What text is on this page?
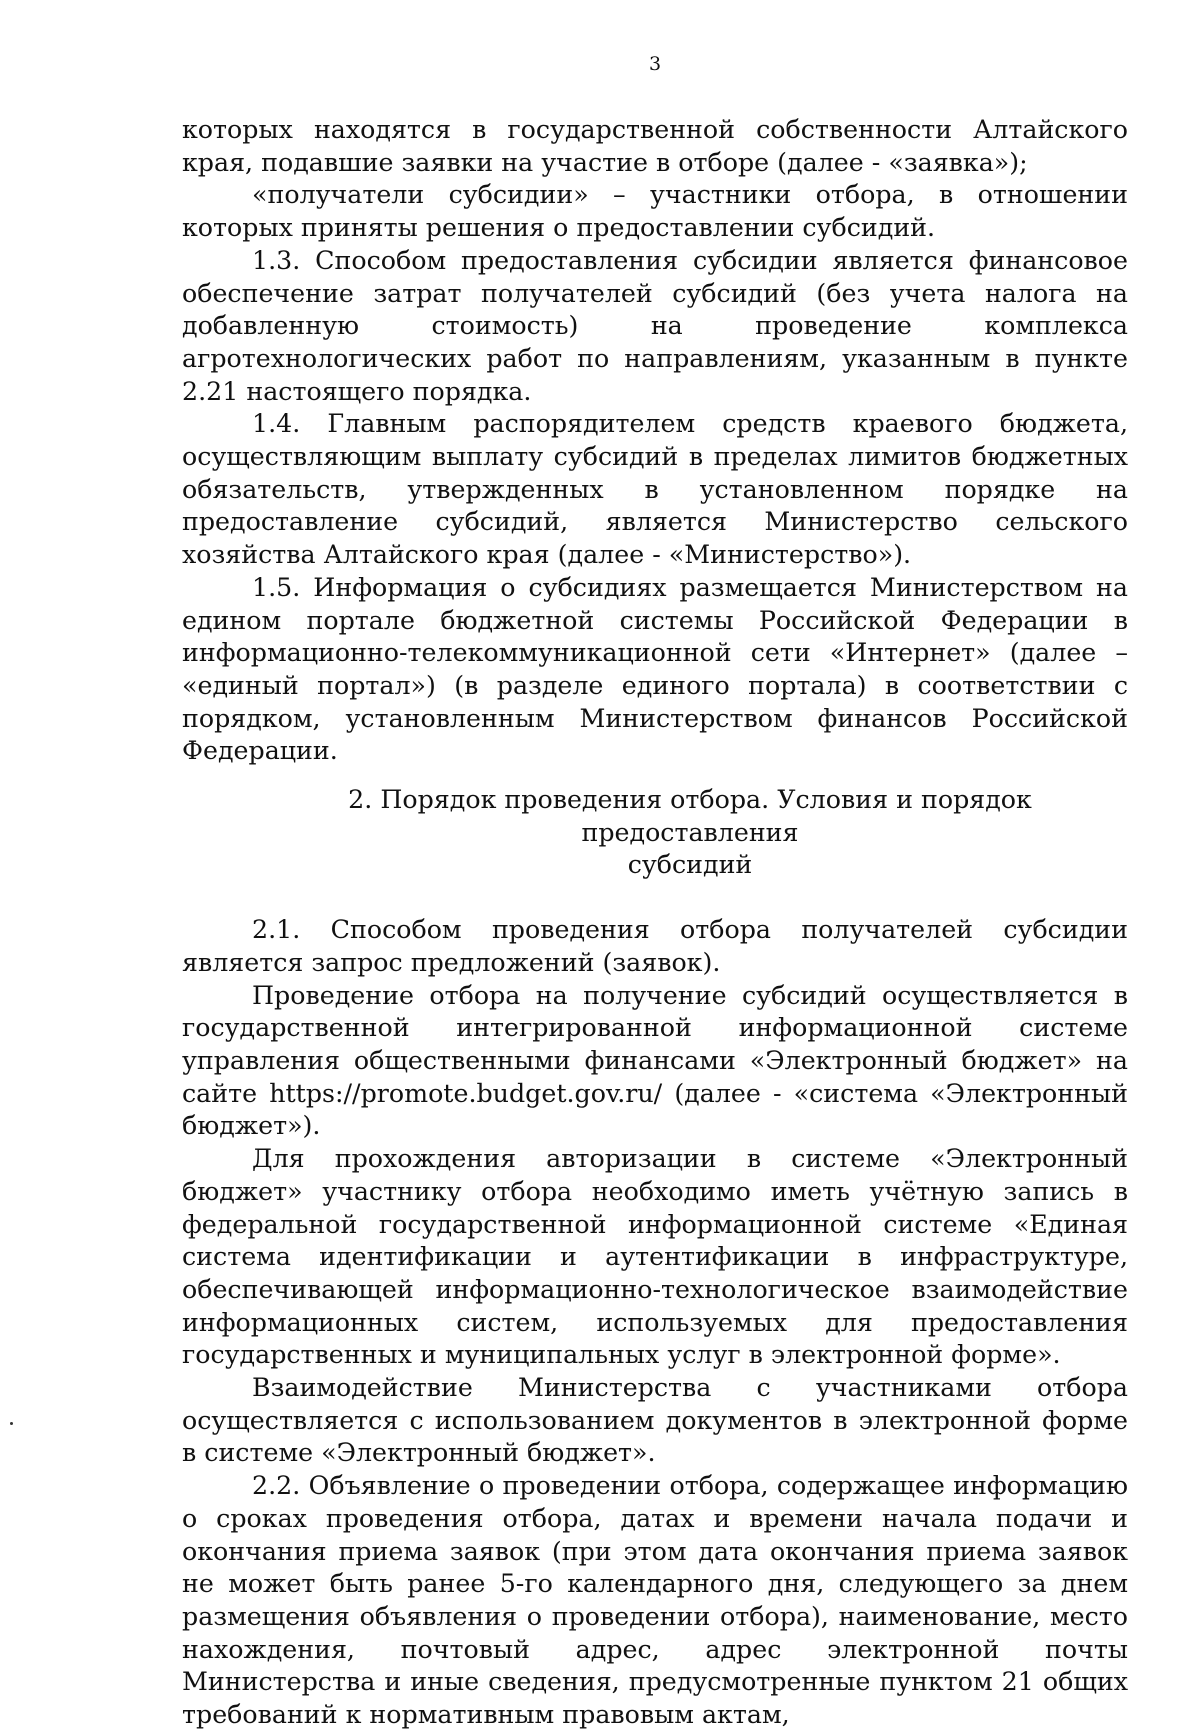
3

которых находятся в государственной собственности Алтайского края, подавшие заявки на участие в отборе (далее - «заявка»);

«получатели субсидии» – участники отбора, в отношении которых приняты решения о предоставлении субсидий.

1.3. Способом предоставления субсидии является финансовое обеспечение затрат получателей субсидий (без учета налога на добавленную стоимость) на проведение комплекса агротехнологических работ по направлениям, указанным в пункте 2.21 настоящего порядка.

1.4. Главным распорядителем средств краевого бюджета, осуществляющим выплату субсидий в пределах лимитов бюджетных обязательств, утвержденных в установленном порядке на предоставление субсидий, является Министерство сельского хозяйства Алтайского края (далее - «Министерство»).

1.5. Информация о субсидиях размещается Министерством на едином портале бюджетной системы Российской Федерации в информационно-телекоммуникационной сети «Интернет» (далее – «единый портал») (в разделе единого портала) в соответствии с порядком, установленным Министерством финансов Российской Федерации.

2. Порядок проведения отбора. Условия и порядок предоставления
субсидий

2.1. Способом проведения отбора получателей субсидии является запрос предложений (заявок).

Проведение отбора на получение субсидий осуществляется в государственной интегрированной информационной системе управления общественными финансами «Электронный бюджет» на сайте https://promote.budget.gov.ru/ (далее - «система «Электронный бюджет»).

Для прохождения авторизации в системе «Электронный бюджет» участнику отбора необходимо иметь учётную запись в федеральной государственной информационной системе «Единая система идентификации и аутентификации в инфраструктуре, обеспечивающей информационно-технологическое взаимодействие информационных систем, используемых для предоставления государственных и муниципальных услуг в электронной форме».

Взаимодействие Министерства с участниками отбора осуществляется с использованием документов в электронной форме в системе «Электронный бюджет».

2.2. Объявление о проведении отбора, содержащее информацию о сроках проведения отбора, датах и времени начала подачи и окончания приема заявок (при этом дата окончания приема заявок не может быть ранее 5-го календарного дня, следующего за днем размещения объявления о проведении отбора), наименование, место нахождения, почтовый адрес, адрес электронной почты Министерства и иные сведения, предусмотренные пунктом 21 общих требований к нормативным правовым актам,
